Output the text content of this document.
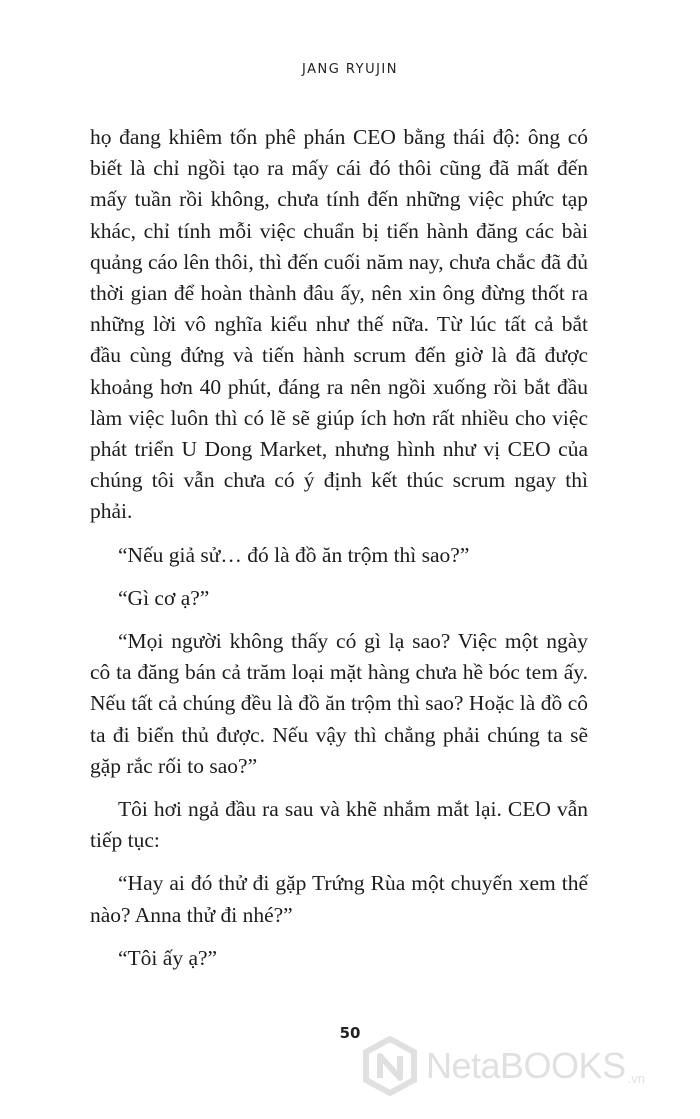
JANG RYUJIN

họ đang khiêm tốn phê phán CEO bằng thái độ: ông có biết là chỉ ngồi tạo ra mấy cái đó thôi cũng đã mất đến mấy tuần rồi không, chưa tính đến những việc phức tạp khác, chỉ tính mỗi việc chuẩn bị tiến hành đăng các bài quảng cáo lên thôi, thì đến cuối năm nay, chưa chắc đã đủ thời gian để hoàn thành đâu ấy, nên xin ông đừng thốt ra những lời vô nghĩa kiểu như thế nữa. Từ lúc tất cả bắt đầu cùng đứng và tiến hành scrum đến giờ là đã được khoảng hơn 40 phút, đáng ra nên ngồi xuống rồi bắt đầu làm việc luôn thì có lẽ sẽ giúp ích hơn rất nhiều cho việc phát triển U Dong Market, nhưng hình như vị CEO của chúng tôi vẫn chưa có ý định kết thúc scrum ngay thì phải.

“Nếu giả sử… đó là đồ ăn trộm thì sao?”

“Gì cơ ạ?”

“Mọi người không thấy có gì lạ sao? Việc một ngày cô ta đăng bán cả trăm loại mặt hàng chưa hề bóc tem ấy. Nếu tất cả chúng đều là đồ ăn trộm thì sao? Hoặc là đồ cô ta đi biển thủ được. Nếu vậy thì chẳng phải chúng ta sẽ gặp rắc rối to sao?”

Tôi hơi ngả đầu ra sau và khẽ nhắm mắt lại. CEO vẫn tiếp tục:

“Hay ai đó thử đi gặp Trứng Rùa một chuyến xem thế nào? Anna thử đi nhé?”

“Tôi ấy ạ?”

50
NetaBOOKS .vn
